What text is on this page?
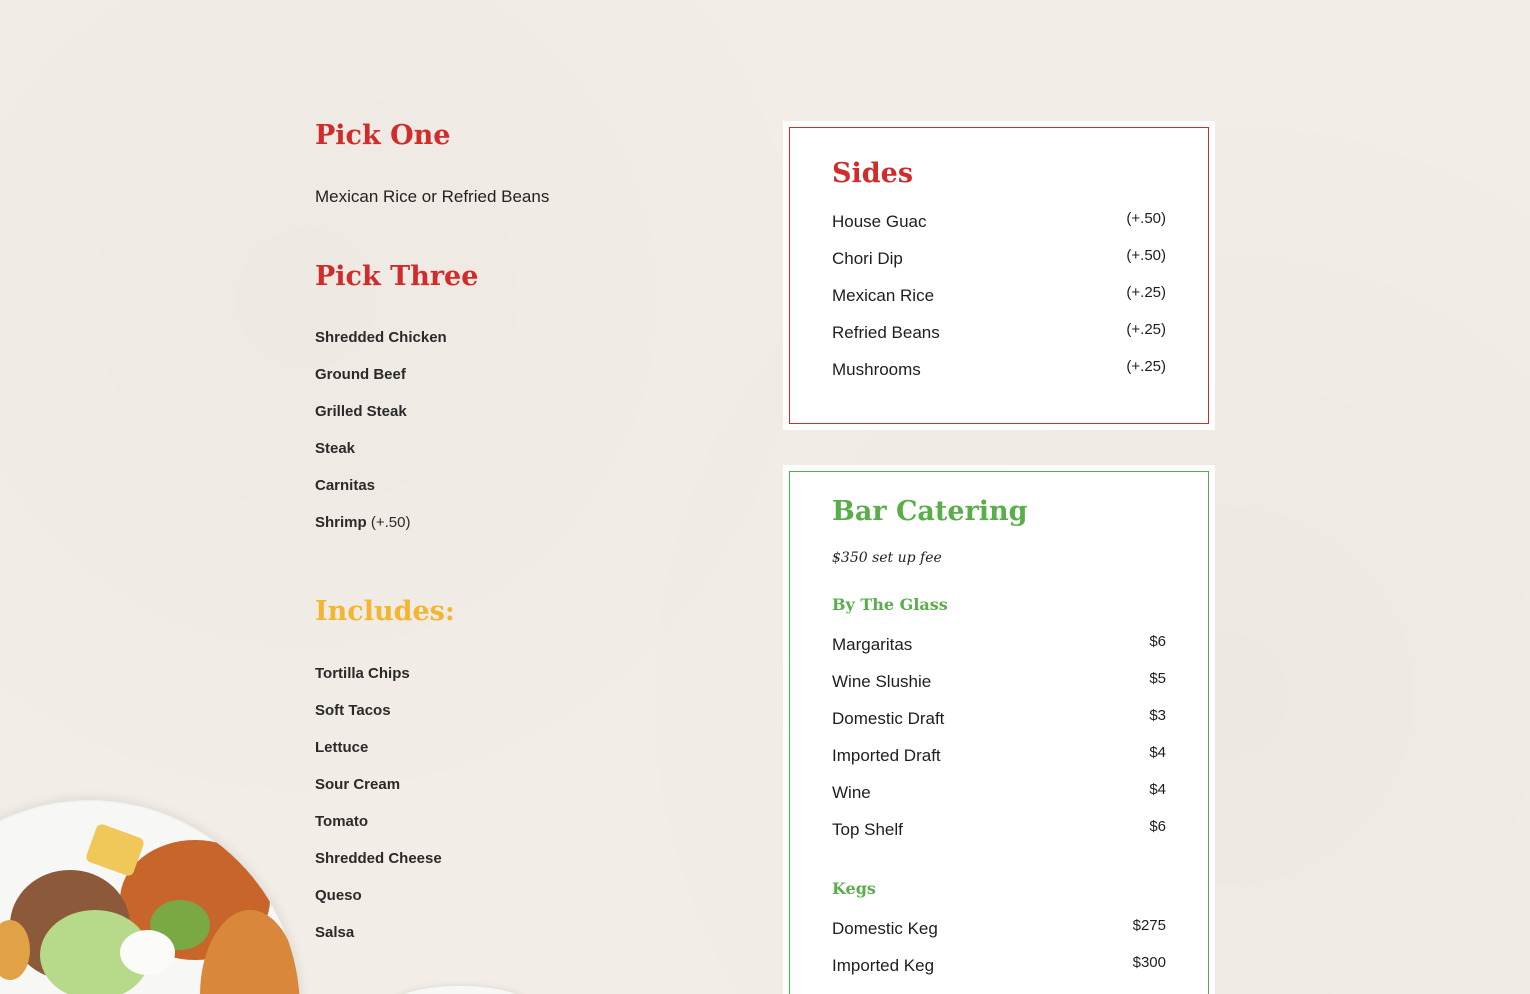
Pick One
Mexican Rice or Refried Beans
Pick Three
Shredded Chicken
Ground Beef
Grilled Steak
Steak
Carnitas
Shrimp (+.50)
Includes:
Tortilla Chips
Soft Tacos
Lettuce
Sour Cream
Tomato
Shredded Cheese
Queso
Salsa
Sides
House Guac	(+.50)
Chori Dip	(+.50)
Mexican Rice	(+.25)
Refried Beans	(+.25)
Mushrooms	(+.25)
Bar Catering
$350 set up fee
By The Glass
Margaritas	$6
Wine Slushie	$5
Domestic Draft	$3
Imported Draft	$4
Wine	$4
Top Shelf	$6
Kegs
Domestic Keg	$275
Imported Keg	$300
